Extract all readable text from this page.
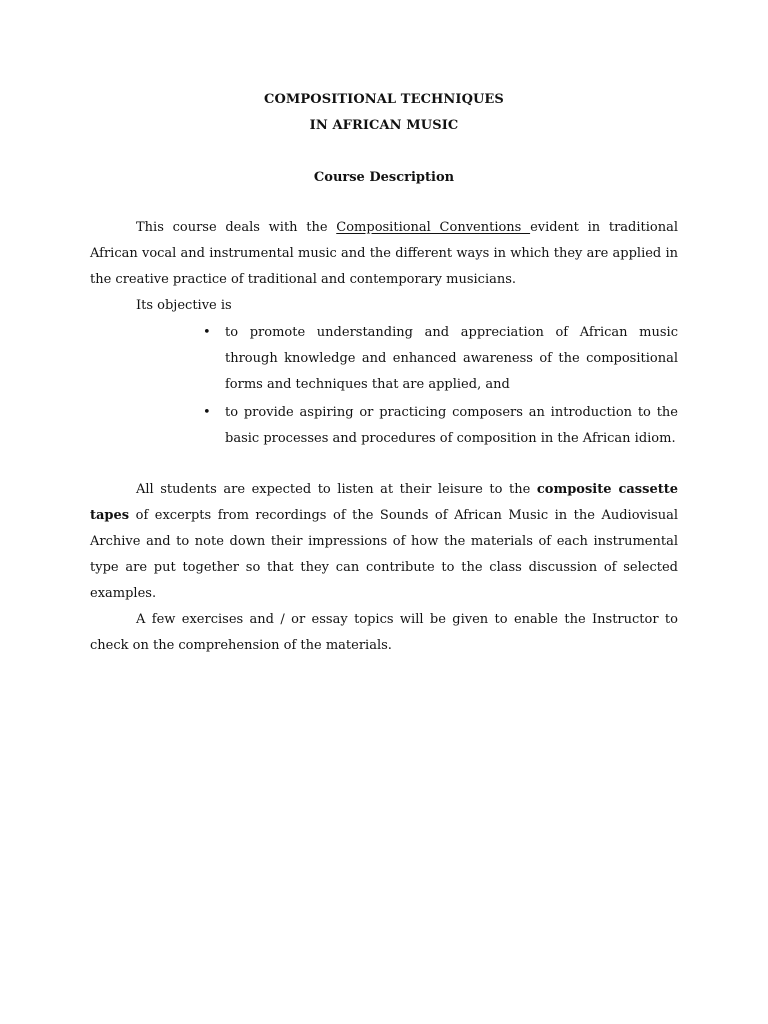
COMPOSITIONAL TECHNIQUES
IN AFRICAN MUSIC
Course Description

This course deals with the Compositional Conventions evident in traditional African vocal and instrumental music and the different ways in which they are applied in the creative practice of traditional and contemporary musicians.

Its objective is
• to promote understanding and appreciation of African music through knowledge and enhanced awareness of the compositional forms and techniques that are applied, and
• to provide aspiring or practicing composers an introduction to the basic processes and procedures of composition in the African idiom.

All students are expected to listen at their leisure to the composite cassette tapes of excerpts from recordings of the Sounds of African Music in the Audiovisual Archive and to note down their impressions of how the materials of each instrumental type are put together so that they can contribute to the class discussion of selected examples.

A few exercises and / or essay topics will be given to enable the Instructor to check on the comprehension of the materials.
